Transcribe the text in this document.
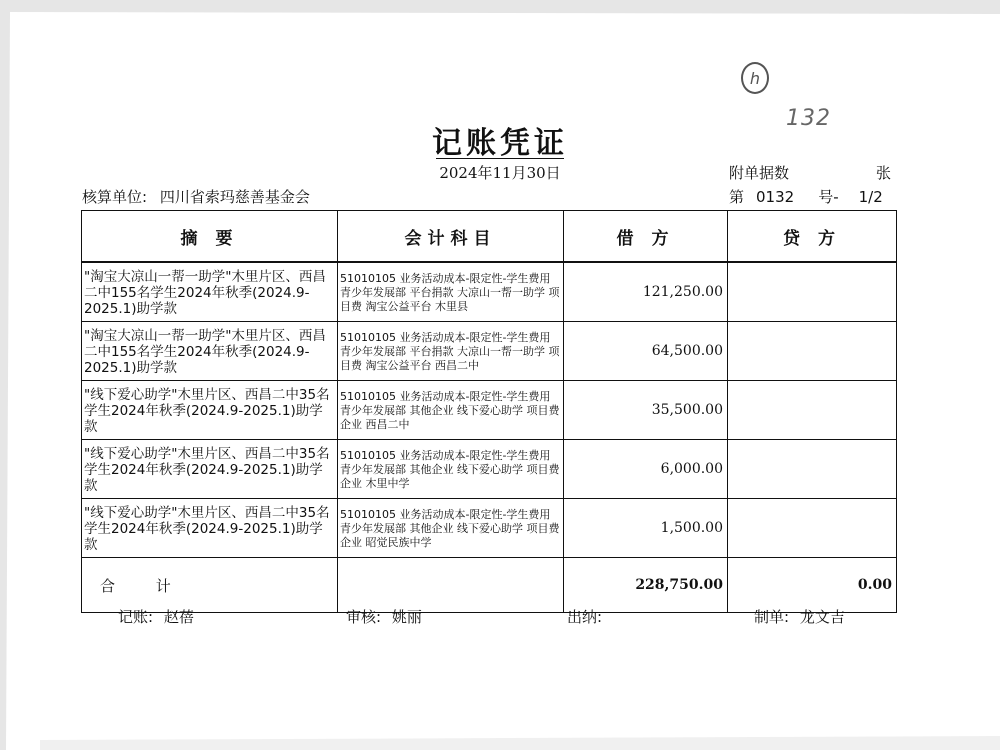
h
132
记账凭证
2024年11月30日	附单据数	张
核算单位: 四川省索玛慈善基金会	第 0132 号- 1/2
摘 要	会计科目	借 方	贷 方
"淘宝大凉山一帮一助学"木里片区、西昌二中155名学生2024年秋季(2024.9-2025.1)助学款	51010105 业务活动成本-限定性-学生费用 青少年发展部 平台捐款 大凉山一帮一助学 项目费 淘宝公益平台 木里县	121,250.00	
"淘宝大凉山一帮一助学"木里片区、西昌二中155名学生2024年秋季(2024.9-2025.1)助学款	51010105 业务活动成本-限定性-学生费用 青少年发展部 平台捐款 大凉山一帮一助学 项目费 淘宝公益平台 西昌二中	64,500.00	
"线下爱心助学"木里片区、西昌二中35名学生2024年秋季(2024.9-2025.1)助学款	51010105 业务活动成本-限定性-学生费用 青少年发展部 其他企业 线下爱心助学 项目费 企业 西昌二中	35,500.00	
"线下爱心助学"木里片区、西昌二中35名学生2024年秋季(2024.9-2025.1)助学款	51010105 业务活动成本-限定性-学生费用 青少年发展部 其他企业 线下爱心助学 项目费 企业 木里中学	6,000.00	
"线下爱心助学"木里片区、西昌二中35名学生2024年秋季(2024.9-2025.1)助学款	51010105 业务活动成本-限定性-学生费用 青少年发展部 其他企业 线下爱心助学 项目费 企业 昭觉民族中学	1,500.00	
合 计		228,750.00	0.00
记账: 赵蓓	审核: 姚丽	出纳:	制单: 龙文吉
